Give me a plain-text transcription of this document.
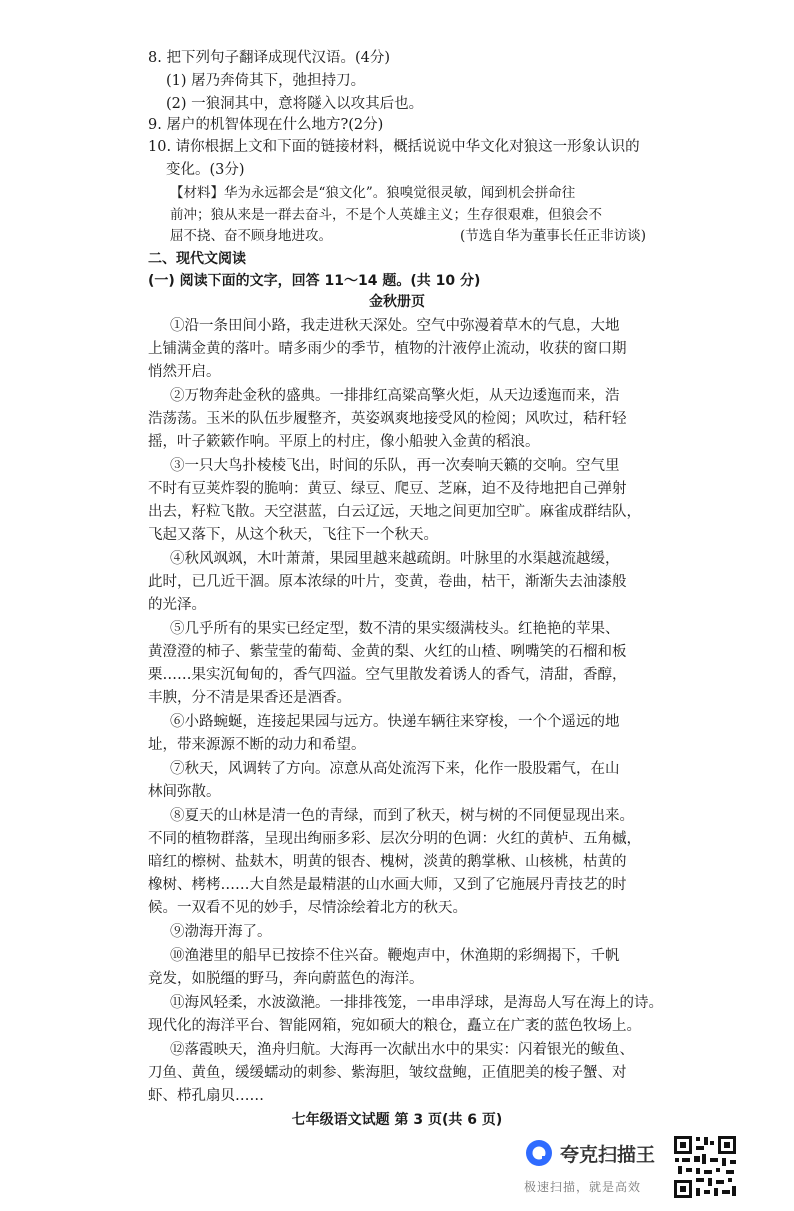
8. 把下列句子翻译成现代汉语。(4分)
(1) 屠乃奔倚其下，弛担持刀。
(2) 一狼洞其中，意将隧入以攻其后也。
9. 屠户的机智体现在什么地方?(2分)
10. 请你根据上文和下面的链接材料，概括说说中华文化对狼这一形象认识的
变化。(3分)
【材料】华为永远都会是“狼文化”。狼嗅觉很灵敏，闻到机会拼命往
前冲；狼从来是一群去奋斗，不是个人英雄主义；生存很艰难，但狼会不
屈不挠、奋不顾身地进攻。	(节选自华为董事长任正非访谈)
二、现代文阅读
(一) 阅读下面的文字，回答 11～14 题。(共 10 分)
金秋册页
①沿一条田间小路，我走进秋天深处。空气中弥漫着草木的气息，大地
上铺满金黄的落叶。晴多雨少的季节，植物的汁液停止流动，收获的窗口期
悄然开启。
②万物奔赴金秋的盛典。一排排红高粱高擎火炬，从天边逶迤而来，浩
浩荡荡。玉米的队伍步履整齐，英姿飒爽地接受风的检阅；风吹过，秸秆轻
摇，叶子簌簌作响。平原上的村庄，像小船驶入金黄的稻浪。
③一只大鸟扑棱棱飞出，时间的乐队，再一次奏响天籁的交响。空气里
不时有豆荚炸裂的脆响：黄豆、绿豆、爬豆、芝麻，迫不及待地把自己弹射
出去，籽粒飞散。天空湛蓝，白云辽远，天地之间更加空旷。麻雀成群结队，
飞起又落下，从这个秋天，飞往下一个秋天。
④秋风飒飒，木叶萧萧，果园里越来越疏朗。叶脉里的水渠越流越缓，
此时，已几近干涸。原本浓绿的叶片，变黄，卷曲，枯干，渐渐失去油漆般
的光泽。
⑤几乎所有的果实已经定型，数不清的果实缀满枝头。红艳艳的苹果、
黄澄澄的柿子、紫莹莹的葡萄、金黄的梨、火红的山楂、咧嘴笑的石榴和板
栗……果实沉甸甸的，香气四溢。空气里散发着诱人的香气，清甜，香醇，
丰腴，分不清是果香还是酒香。
⑥小路蜿蜒，连接起果园与远方。快递车辆往来穿梭，一个个遥远的地
址，带来源源不断的动力和希望。
⑦秋天，风调转了方向。凉意从高处流泻下来，化作一股股霜气，在山
林间弥散。
⑧夏天的山林是清一色的青绿，而到了秋天，树与树的不同便显现出来。
不同的植物群落，呈现出绚丽多彩、层次分明的色调：火红的黄栌、五角槭，
暗红的檫树、盐麸木，明黄的银杏、槐树，淡黄的鹅掌楸、山核桃，枯黄的
橡树、栲栲……大自然是最精湛的山水画大师，又到了它施展丹青技艺的时
候。一双看不见的妙手，尽情涂绘着北方的秋天。
⑨渤海开海了。
⑩渔港里的船早已按捺不住兴奋。鞭炮声中，休渔期的彩绸揭下，千帆
竞发，如脱缰的野马，奔向蔚蓝色的海洋。
⑪海风轻柔，水波潋滟。一排排筏笼，一串串浮球，是海岛人写在海上的诗。
现代化的海洋平台、智能网箱，宛如硕大的粮仓，矗立在广袤的蓝色牧场上。
⑫落霞映天，渔舟归航。大海再一次献出水中的果实：闪着银光的鲅鱼、
刀鱼、黄鱼，缓缓蠕动的刺参、紫海胆，皱纹盘鲍，正值肥美的梭子蟹、对
虾、栉孔扇贝……
七年级语文试题 第 3 页(共 6 页)
夸克扫描王
极速扫描，就是高效
